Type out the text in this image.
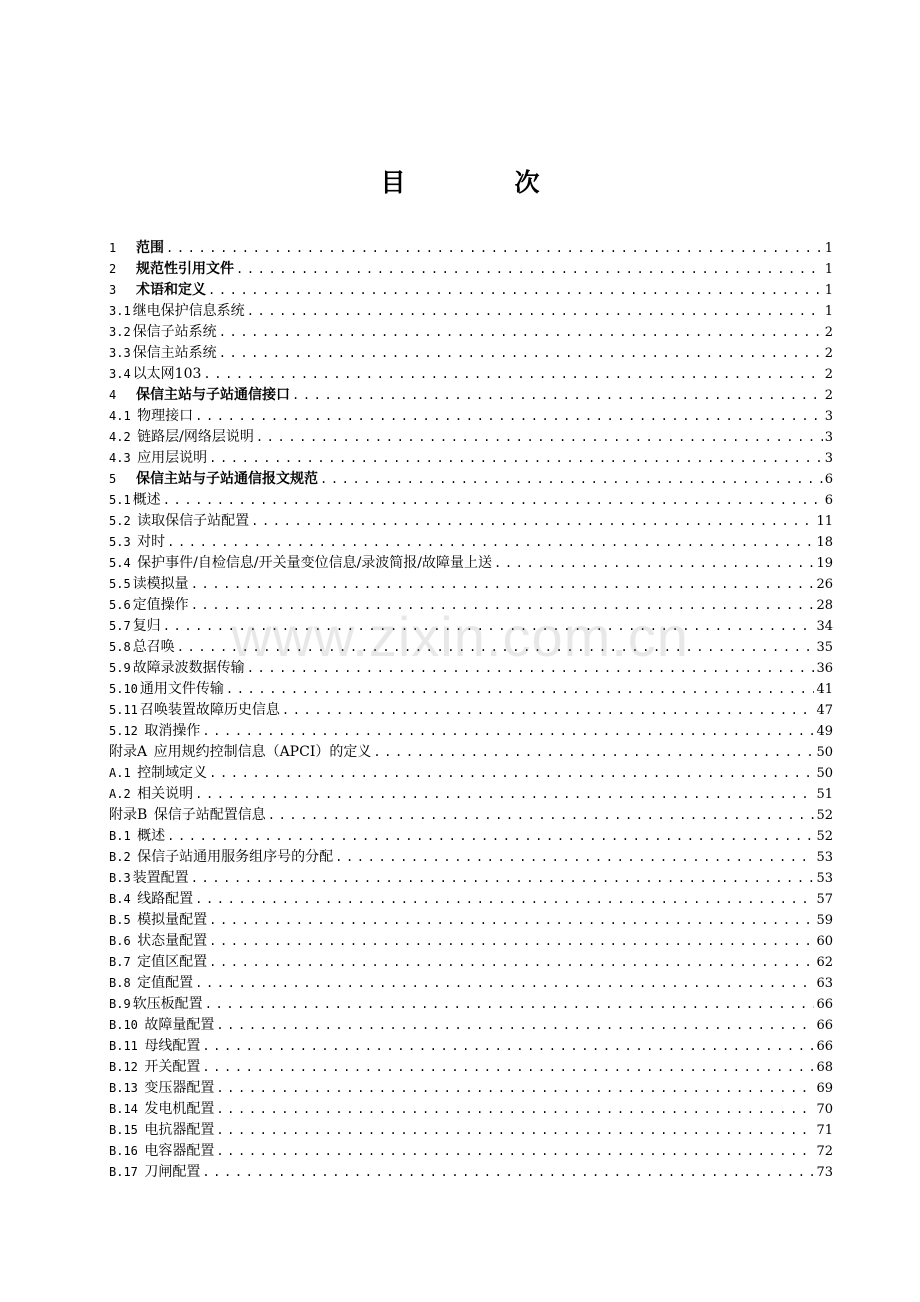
目　次
1	范围 .....	1
2	规范性引用文件 .....	1
3	术语和定义 .....	1
3.1 继电保护信息系统 .....	1
3.2 保信子站系统 .....	2
3.3 保信主站系统 .....	2
3.4 以太网103 .....	2
4	保信主站与子站通信接口 .....	2
4.1 物理接口 .....	3
4.2 链路层/网络层说明 .....	3
4.3 应用层说明 .....	3
5	保信主站与子站通信报文规范 .....	6
5.1 概述 .....	6
5.2 读取保信子站配置 .....	11
5.3 对时 .....	18
5.4 保护事件/自检信息/开关量变位信息/录波简报/故障量上送 .....	19
5.5 读模拟量 .....	26
5.6 定值操作 .....	28
5.7 复归 .....	34
5.8 总召唤 .....	35
5.9 故障录波数据传输 .....	36
5.10 通用文件传输 .....	41
5.11 召唤装置故障历史信息 .....	47
5.12 取消操作 .....	49
附录A 应用规约控制信息（APCI）的定义 .....	50
A.1 控制域定义 .....	50
A.2 相关说明 .....	51
附录B 保信子站配置信息 .....	52
B.1 概述 .....	52
B.2 保信子站通用服务组序号的分配 .....	53
B.3 装置配置 .....	53
B.4 线路配置 .....	57
B.5 模拟量配置 .....	59
B.6 状态量配置 .....	60
B.7 定值区配置 .....	62
B.8 定值配置 .....	63
B.9 软压板配置 .....	66
B.10 故障量配置 .....	66
B.11 母线配置 .....	66
B.12 开关配置 .....	68
B.13 变压器配置 .....	69
B.14 发电机配置 .....	70
B.15 电抗器配置 .....	71
B.16 电容器配置 .....	72
B.17 刀闸配置 .....	73
www.zixin.com.cn
